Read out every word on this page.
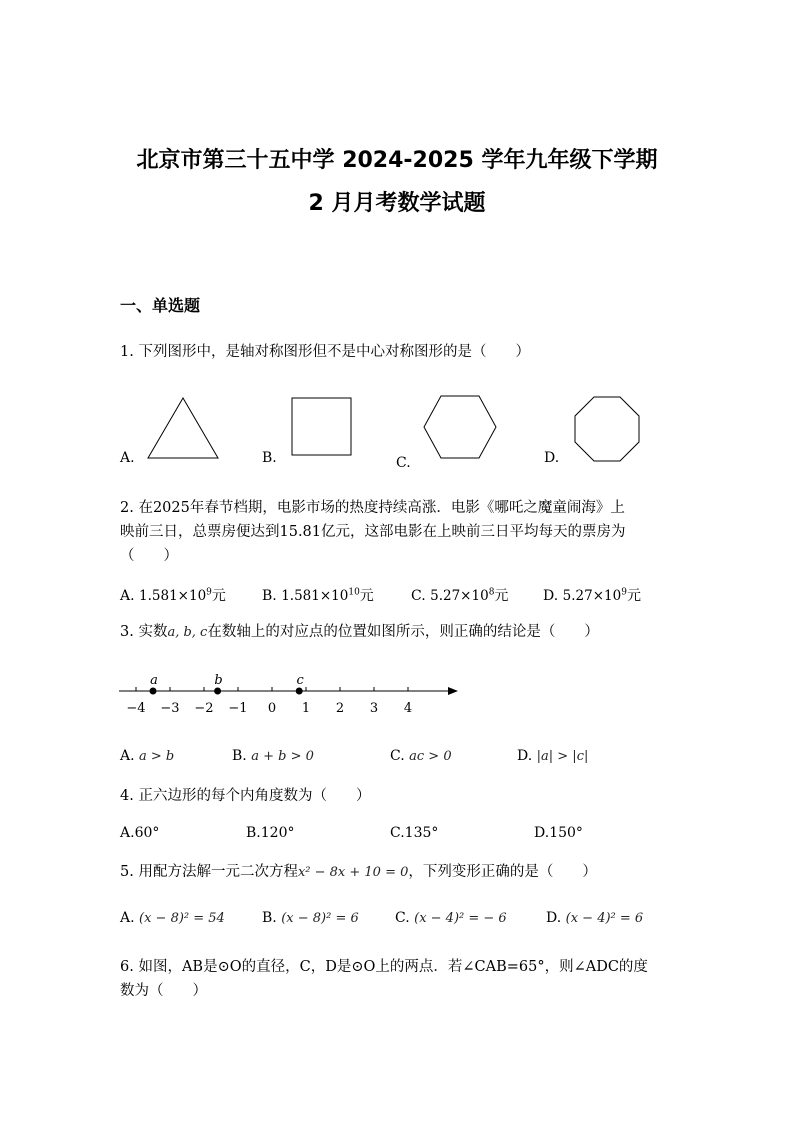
北京市第三十五中学 2024-2025 学年九年级下学期
2 月月考数学试题
一、单选题
1. 下列图形中，是轴对称图形但不是中心对称图形的是（　　）
A.	B.	C.	D.
2. 在2025年春节档期，电影市场的热度持续高涨．电影《哪吒之魔童闹海》上
映前三日，总票房便达到15.81亿元，这部电影在上映前三日平均每天的票房为
（　　）
A. $1.581\times 10^9$元	B. $1.581\times 10^{10}$元	C. $5.27\times 10^8$元 D. $5.27\times 10^9$元
3. 实数a, b, c在数轴上的对应点的位置如图所示，则正确的结论是（　　）
−4 −3 −2 −1 0 1 2 3 4
a	b	c
A. a > b	B. a + b > 0	C. ac > 0	D. |a| > |c|
4. 正六边形的每个内角度数为（　　）
A.60°	B.120°	C.135°	D.150°
5. 用配方法解一元二次方程x² − 8x + 10 = 0，下列变形正确的是（　　）
A. (x − 8)² = 54	B. (x − 8)² = 6	C. (x − 4)² = − 6	D. (x − 4)² = 6
6. 如图，AB是⊙O的直径，C，D是⊙O上的两点．若∠CAB=65°，则∠ADC的度
数为（　　）
